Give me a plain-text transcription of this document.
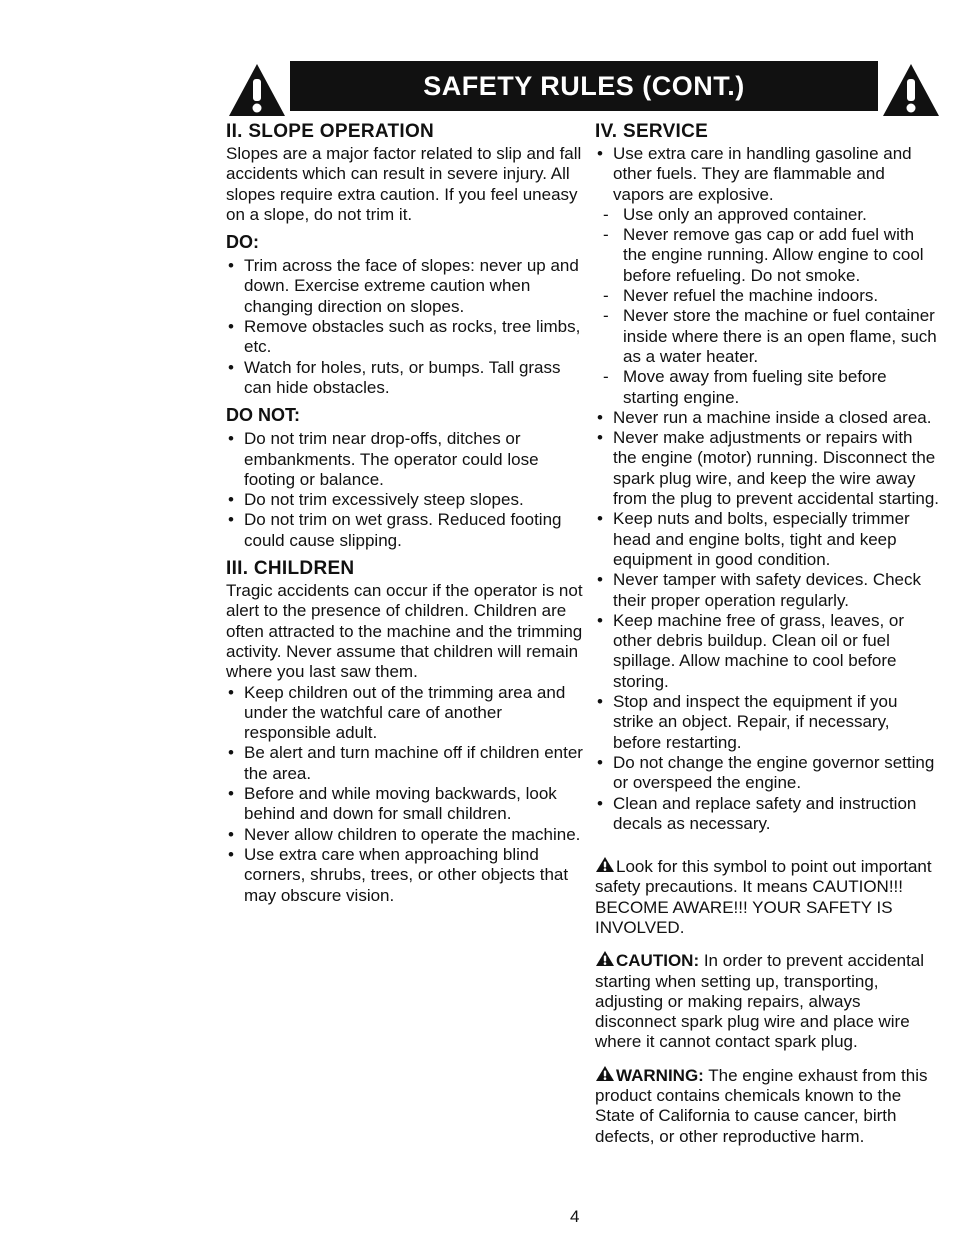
SAFETY RULES (CONT.)
II. SLOPE OPERATION

Slopes are a major factor related to slip and fall accidents which can result in severe injury. All slopes require extra caution. If you feel uneasy on a slope, do not trim it.

DO:
• Trim across the face of slopes: never up and down. Exercise extreme caution when changing direction on slopes.
• Remove obstacles such as rocks, tree limbs, etc.
• Watch for holes, ruts, or bumps. Tall grass can hide obstacles.
DO NOT:
• Do not trim near drop-offs, ditches or embankments. The operator could lose footing or balance.
• Do not trim excessively steep slopes.
• Do not trim on wet grass. Reduced footing could cause slipping.
III. CHILDREN

Tragic accidents can occur if the operator is not alert to the presence of children. Children are often attracted to the machine and the trimming activity. Never assume that children will remain where you last saw them.

• Keep children out of the trimming area and under the watchful care of another responsible adult.
• Be alert and turn machine off if children enter the area.
• Before and while moving backwards, look behind and down for small children.
• Never allow children to operate the machine.
• Use extra care when approaching blind corners, shrubs, trees, or other objects that may obscure vision.
IV. SERVICE
• Use extra care in handling gasoline and other fuels. They are flammable and vapors are explosive.
- Use only an approved container.
- Never remove gas cap or add fuel with the engine running. Allow engine to cool before refueling. Do not smoke.
- Never refuel the machine indoors.
- Never store the machine or fuel container inside where there is an open flame, such as a water heater.
- Move away from fueling site before starting engine.
• Never run a machine inside a closed area.
• Never make adjustments or repairs with the engine (motor) running. Disconnect the spark plug wire, and keep the wire away from the plug to prevent accidental starting.
• Keep nuts and bolts, especially trimmer head and engine bolts, tight and keep equipment in good condition.
• Never tamper with safety devices. Check their proper operation regularly.
• Keep machine free of grass, leaves, or other debris buildup. Clean oil or fuel spillage. Allow machine to cool before storing.
• Stop and inspect the equipment if you strike an object. Repair, if necessary, before restarting.
• Do not change the engine governor setting or overspeed the engine.
• Clean and replace safety and instruction decals as necessary.

Look for this symbol to point out important safety precautions. It means CAUTION!!! BECOME AWARE!!! YOUR SAFETY IS INVOLVED.

CAUTION: In order to prevent accidental starting when setting up, transporting, adjusting or making repairs, always disconnect spark plug wire and place wire where it cannot contact spark plug.

WARNING: The engine exhaust from this product contains chemicals known to the State of California to cause cancer, birth defects, or other reproductive harm.

4
